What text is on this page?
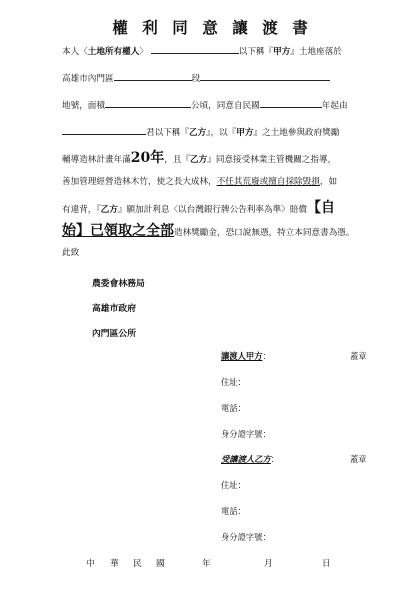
權 利 同 意 讓 渡 書
本人〈土地所有權人〉	以下稱『甲方』土地座落於
高雄市內門區	段
地號，面積	公頃，同意自民國	年起由
君以下稱『乙方』，以『甲方』之土地參與政府獎勵
輔導造林計畫年滿20年，且『乙方』同意接受林業主管機關之指導，
善加管理經營造林木竹，使之長大成林，不任其荒廢或擅自採除毀損，如
有違背，『乙方』願加計利息〈以台灣銀行牌公告利率為準〉賠償【自
始】已領取之全部造林獎勵金，恐口說無憑，特立本同意書為憑。
此致
農委會林務局
高雄市政府
內門區公所
讓渡人甲方：	蓋章
住址：
電話：
身分證字號：
受讓渡人乙方：	蓋章
住址：
電話：
身分證字號：
中 華 民 國	年	月	日
